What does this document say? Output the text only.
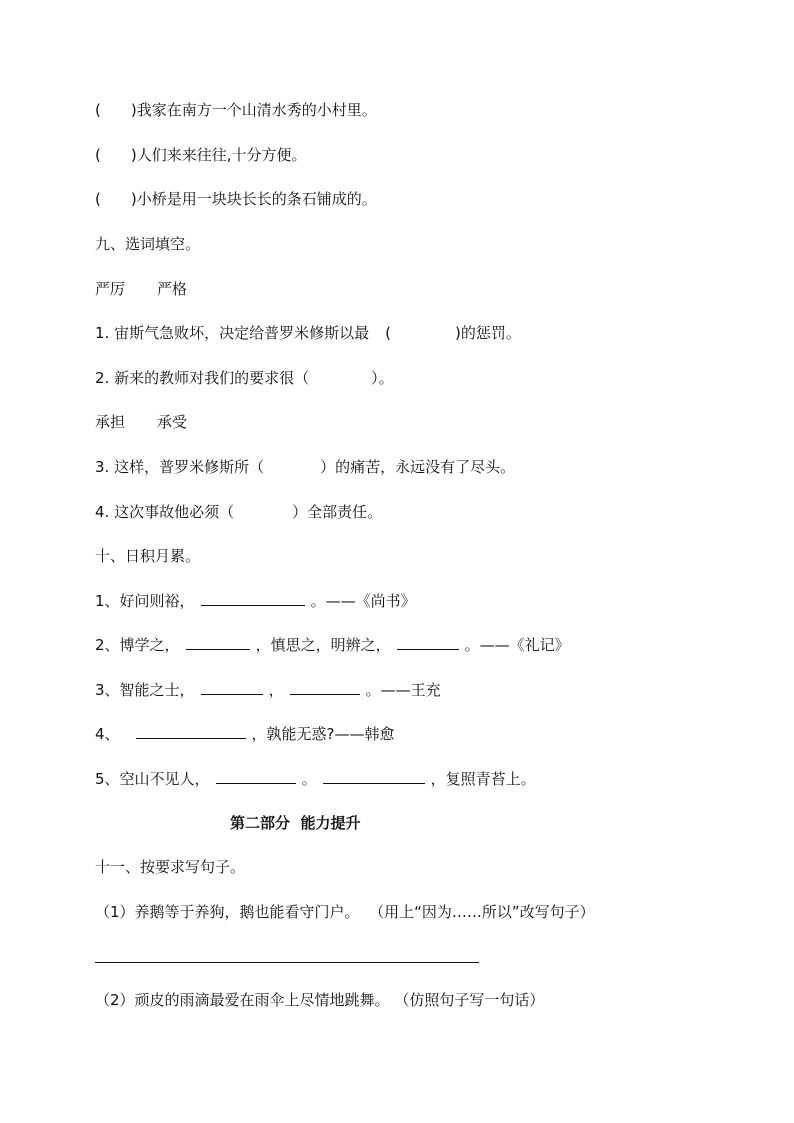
( )我家在南方一个山清水秀的小村里。
( )人们来来往往,十分方便。
( )小桥是用一块块长长的条石铺成的。
九、选词填空。
严厉 严格
1. 宙斯气急败坏，决定给普罗米修斯以最 (	)的惩罚。
2. 新来的教师对我们的要求很（	）。
承担 承受
3. 这样，普罗米修斯所（	）的痛苦，永远没有了尽头。
4. 这次事故他必须（	）全部责任。
十、日积月累。
1、好问则裕，	。——《尚书》
2、博学之，	，慎思之，明辨之，	。——《礼记》
3、智能之士，	，	。——王充
4、	，孰能无惑?——韩愈
5、空山不见人，	。	，复照青苔上。
第二部分  能力提升
十一、按要求写句子。
（1）养鹅等于养狗，鹅也能看守门户。  （用上“因为……所以”改写句子）
（2）顽皮的雨滴最爱在雨伞上尽情地跳舞。 （仿照句子写一句话）
